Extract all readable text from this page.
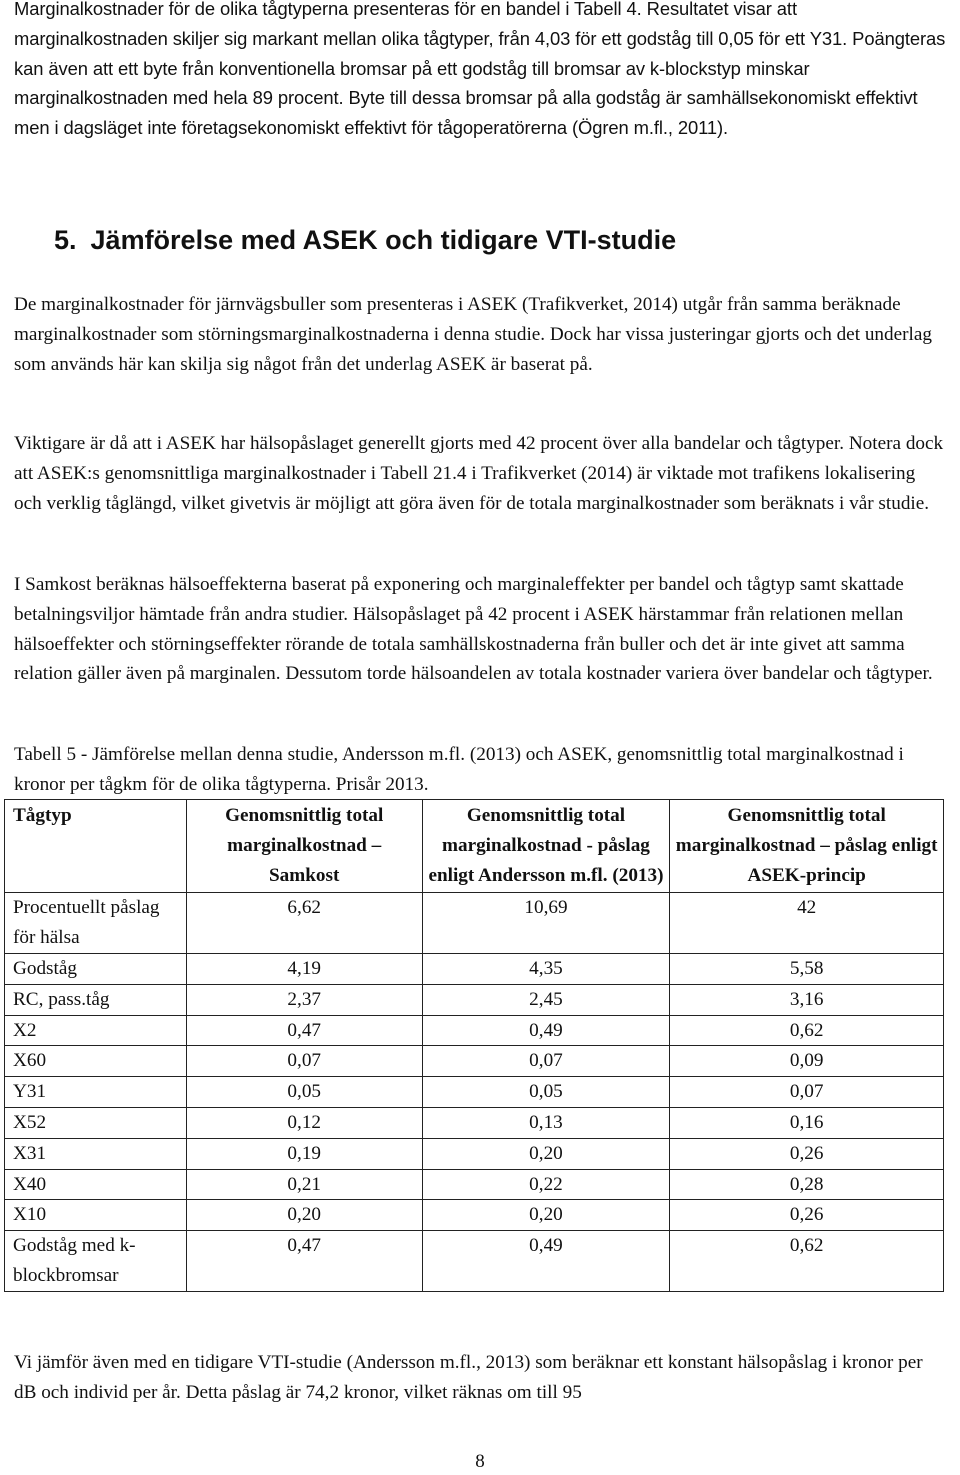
Marginalkostnader för de olika tågtyperna presenteras för en bandel i Tabell 4. Resultatet visar att marginalkostnaden skiljer sig markant mellan olika tågtyper, från 4,03 för ett godståg till 0,05 för ett Y31. Poängteras kan även att ett byte från konventionella bromsar på ett godståg till bromsar av k-blockstyp minskar marginalkostnaden med hela 89 procent. Byte till dessa bromsar på alla godståg är samhällsekonomiskt effektivt men i dagsläget inte företagsekonomiskt effektivt för tågoperatörerna (Ögren m.fl., 2011).

5. Jämförelse med ASEK och tidigare VTI-studie

De marginalkostnader för järnvägsbuller som presenteras i ASEK (Trafikverket, 2014) utgår från samma beräknade marginalkostnader som störningsmarginalkostnaderna i denna studie. Dock har vissa justeringar gjorts och det underlag som används här kan skilja sig något från det underlag ASEK är baserat på.

Viktigare är då att i ASEK har hälsopåslaget generellt gjorts med 42 procent över alla bandelar och tågtyper. Notera dock att ASEK:s genomsnittliga marginalkostnader i Tabell 21.4 i Trafikverket (2014) är viktade mot trafikens lokalisering och verklig tåglängd, vilket givetvis är möjligt att göra även för de totala marginalkostnader som beräknats i vår studie.

I Samkost beräknas hälsoeffekterna baserat på exponering och marginaleffekter per bandel och tågtyp samt skattade betalningsviljor hämtade från andra studier. Hälsopåslaget på 42 procent i ASEK härstammar från relationen mellan hälsoeffekter och störningseffekter rörande de totala samhällskostnaderna från buller och det är inte givet att samma relation gäller även på marginalen. Dessutom torde hälsoandelen av totala kostnader variera över bandelar och tågtyper.

Tabell 5 - Jämförelse mellan denna studie, Andersson m.fl. (2013) och ASEK, genomsnittlig total marginalkostnad i kronor per tågkm för de olika tågtyperna. Prisår 2013.

Tågtyp	Genomsnittlig total marginalkostnad – Samkost	Genomsnittlig total marginalkostnad - påslag enligt Andersson m.fl. (2013)	Genomsnittlig total marginalkostnad – påslag enligt ASEK-princip
Procentuellt påslag för hälsa	6,62	10,69	42
Godståg	4,19	4,35	5,58
RC, pass.tåg	2,37	2,45	3,16
X2	0,47	0,49	0,62
X60	0,07	0,07	0,09
Y31	0,05	0,05	0,07
X52	0,12	0,13	0,16
X31	0,19	0,20	0,26
X40	0,21	0,22	0,28
X10	0,20	0,20	0,26
Godståg med k-blockbromsar	0,47	0,49	0,62

Vi jämför även med en tidigare VTI-studie (Andersson m.fl., 2013) som beräknar ett konstant hälsopåslag i kronor per dB och individ per år. Detta påslag är 74,2 kronor, vilket räknas om till 95

8
